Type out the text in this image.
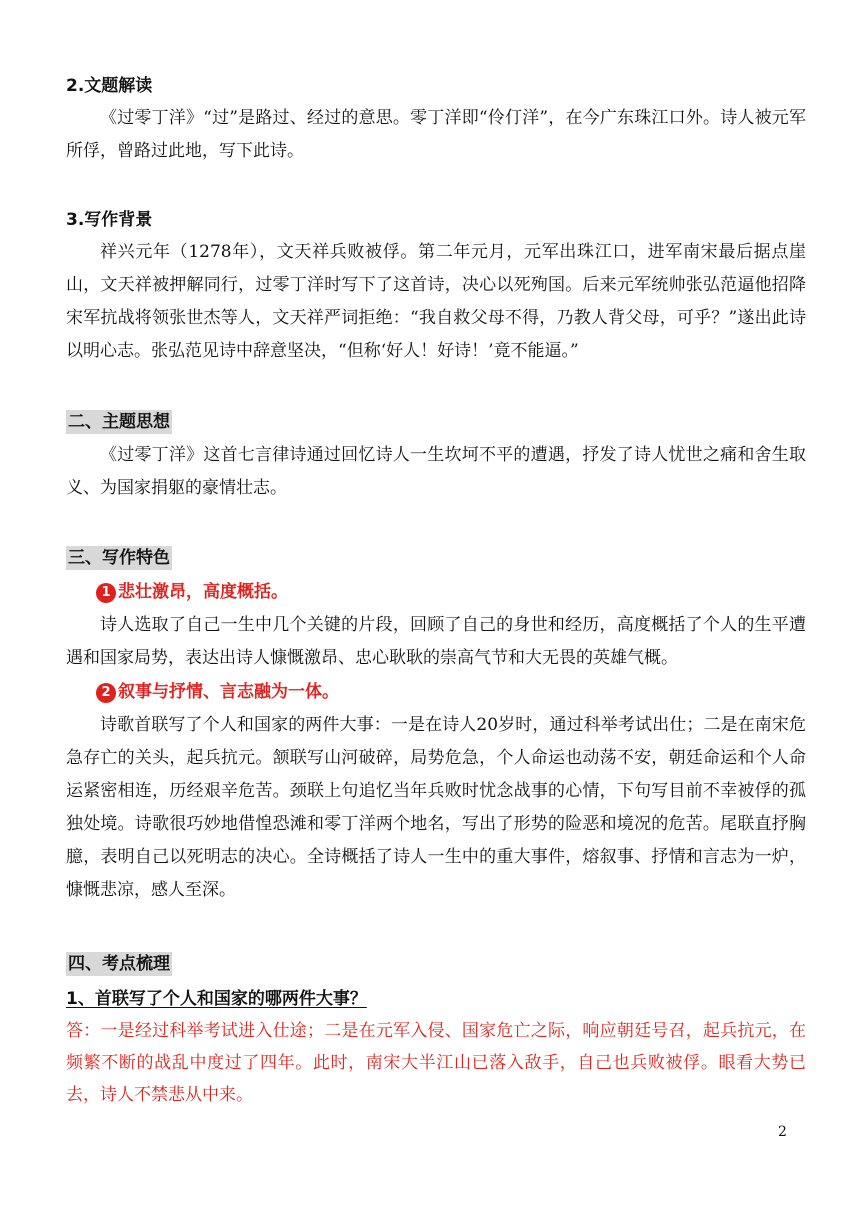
2.文题解读
《过零丁洋》“过”是路过、经过的意思。零丁洋即“伶仃洋”，在今广东珠江口外。诗人被元军所俘，曾路过此地，写下此诗。
3.写作背景
祥兴元年（1278年），文天祥兵败被俘。第二年元月，元军出珠江口，进军南宋最后据点崖山，文天祥被押解同行，过零丁洋时写下了这首诗，决心以死殉国。后来元军统帅张弘范逼他招降宋军抗战将领张世杰等人，文天祥严词拒绝：“我自救父母不得，乃教人背父母，可乎？”遂出此诗以明心志。张弘范见诗中辞意坚决，“但称‘好人！好诗！’竟不能逼。”
二、主题思想
《过零丁洋》这首七言律诗通过回忆诗人一生坎坷不平的遭遇，抒发了诗人忧世之痛和舍生取义、为国家捐躯的豪情壮志。
三、写作特色
1 悲壮激昂，高度概括。
诗人选取了自己一生中几个关键的片段，回顾了自己的身世和经历，高度概括了个人的生平遭遇和国家局势，表达出诗人慷慨激昂、忠心耿耿的崇高气节和大无畏的英雄气概。
2 叙事与抒情、言志融为一体。
诗歌首联写了个人和国家的两件大事：一是在诗人20岁时，通过科举考试出仕；二是在南宋危急存亡的关头，起兵抗元。颔联写山河破碎，局势危急，个人命运也动荡不安，朝廷命运和个人命运紧密相连，历经艰辛危苦。颈联上句追忆当年兵败时忧念战事的心情，下句写目前不幸被俘的孤独处境。诗歌很巧妙地借惶恐滩和零丁洋两个地名，写出了形势的险恶和境况的危苦。尾联直抒胸臆，表明自己以死明志的决心。全诗概括了诗人一生中的重大事件，熔叙事、抒情和言志为一炉，慷慨悲凉，感人至深。
四、考点梳理
1、首联写了个人和国家的哪两件大事？
答：一是经过科举考试进入仕途；二是在元军入侵、国家危亡之际，响应朝廷号召，起兵抗元，在频繁不断的战乱中度过了四年。此时，南宋大半江山已落入敌手，自己也兵败被俘。眼看大势已去，诗人不禁悲从中来。
2
